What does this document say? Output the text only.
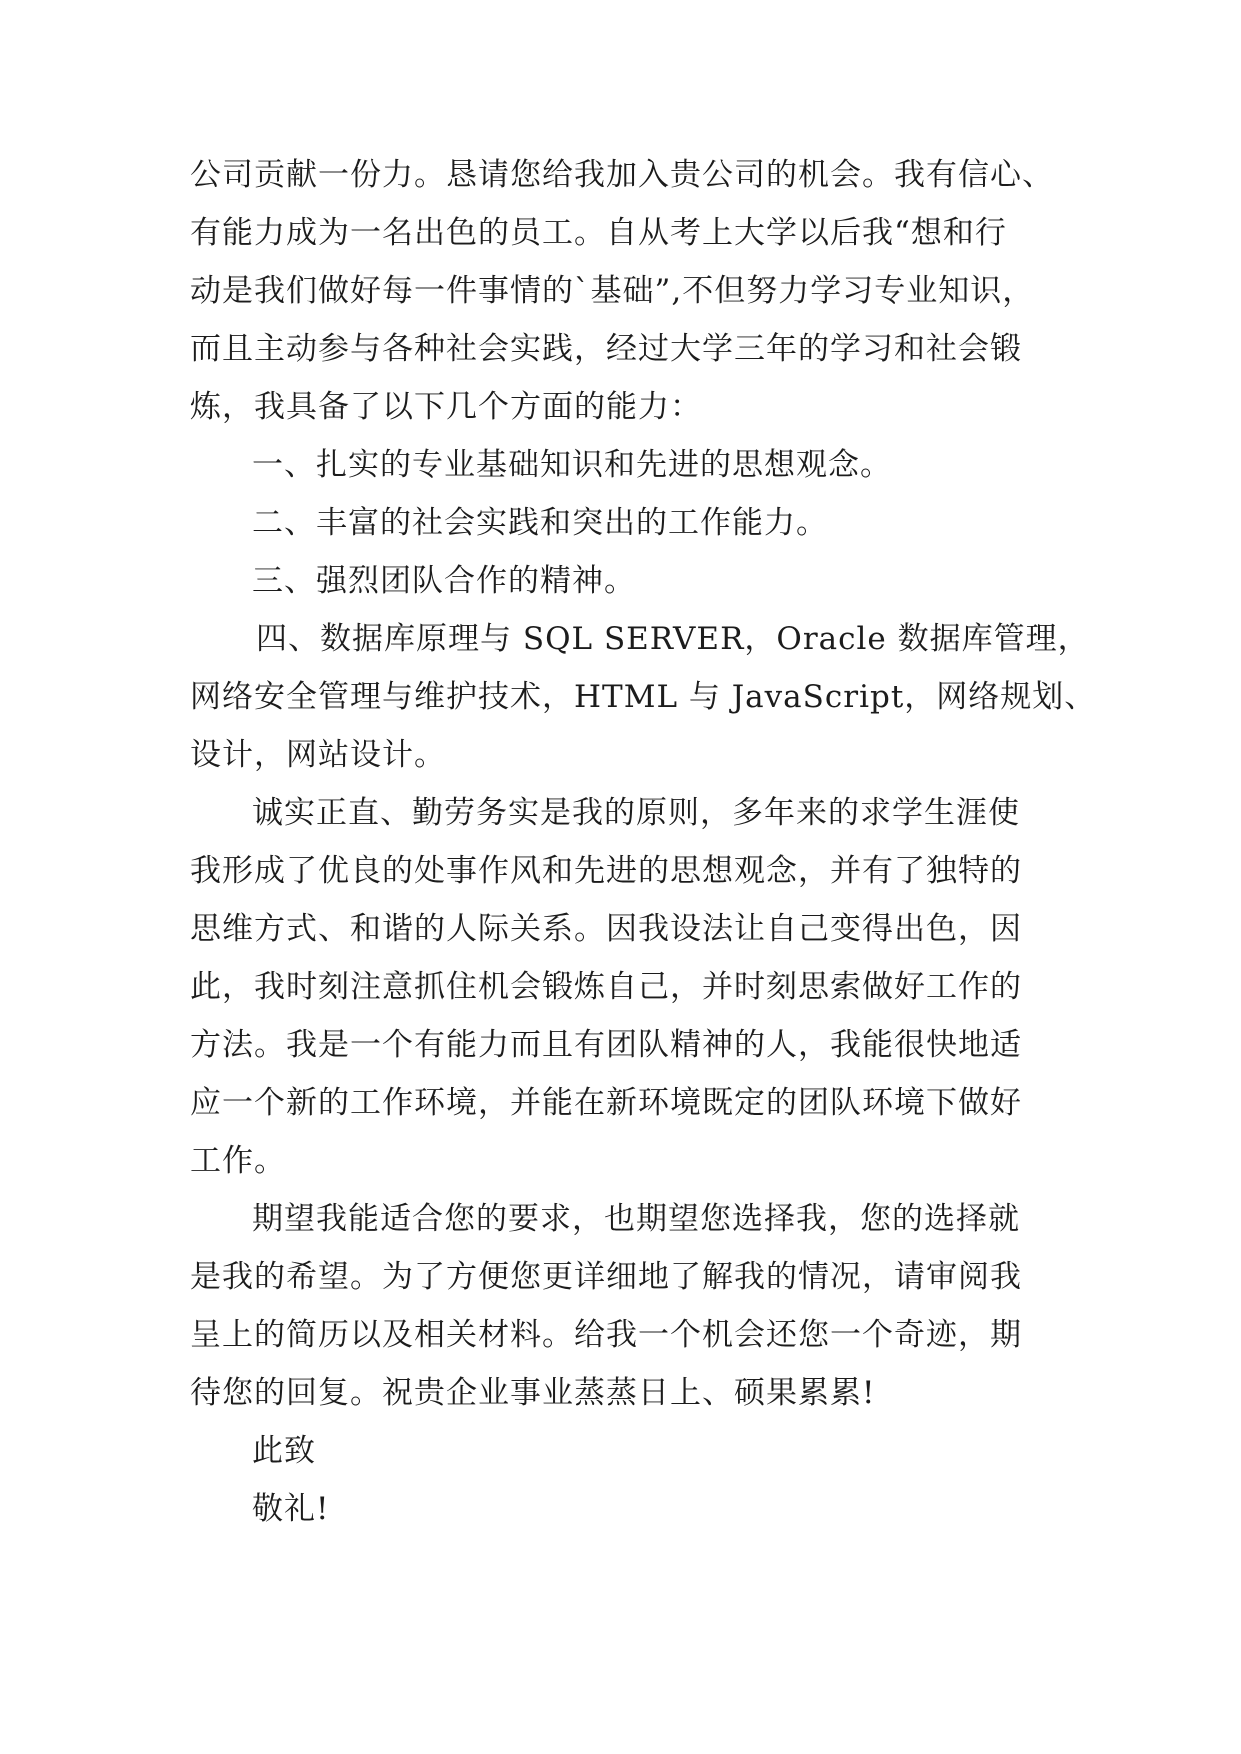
公司贡献一份力。恳请您给我加入贵公司的机会。我有信心、
有能力成为一名出色的员工。自从考上大学以后我“想和行
动是我们做好每一件事情的`基础”,不但努力学习专业知识，
而且主动参与各种社会实践，经过大学三年的学习和社会锻
炼，我具备了以下几个方面的能力：
一、扎实的专业基础知识和先进的思想观念。
二、丰富的社会实践和突出的工作能力。
三、强烈团队合作的精神。
四、数据库原理与 SQL SERVER，Oracle 数据库管理，
网络安全管理与维护技术，HTML 与 JavaScript，网络规划、
设计，网站设计。
诚实正直、勤劳务实是我的原则，多年来的求学生涯使
我形成了优良的处事作风和先进的思想观念，并有了独特的
思维方式、和谐的人际关系。因我设法让自己变得出色，因
此，我时刻注意抓住机会锻炼自己，并时刻思索做好工作的
方法。我是一个有能力而且有团队精神的人，我能很快地适
应一个新的工作环境，并能在新环境既定的团队环境下做好
工作。
期望我能适合您的要求，也期望您选择我，您的选择就
是我的希望。为了方便您更详细地了解我的情况，请审阅我
呈上的简历以及相关材料。给我一个机会还您一个奇迹，期
待您的回复。祝贵企业事业蒸蒸日上、硕果累累!
此致
敬礼!
